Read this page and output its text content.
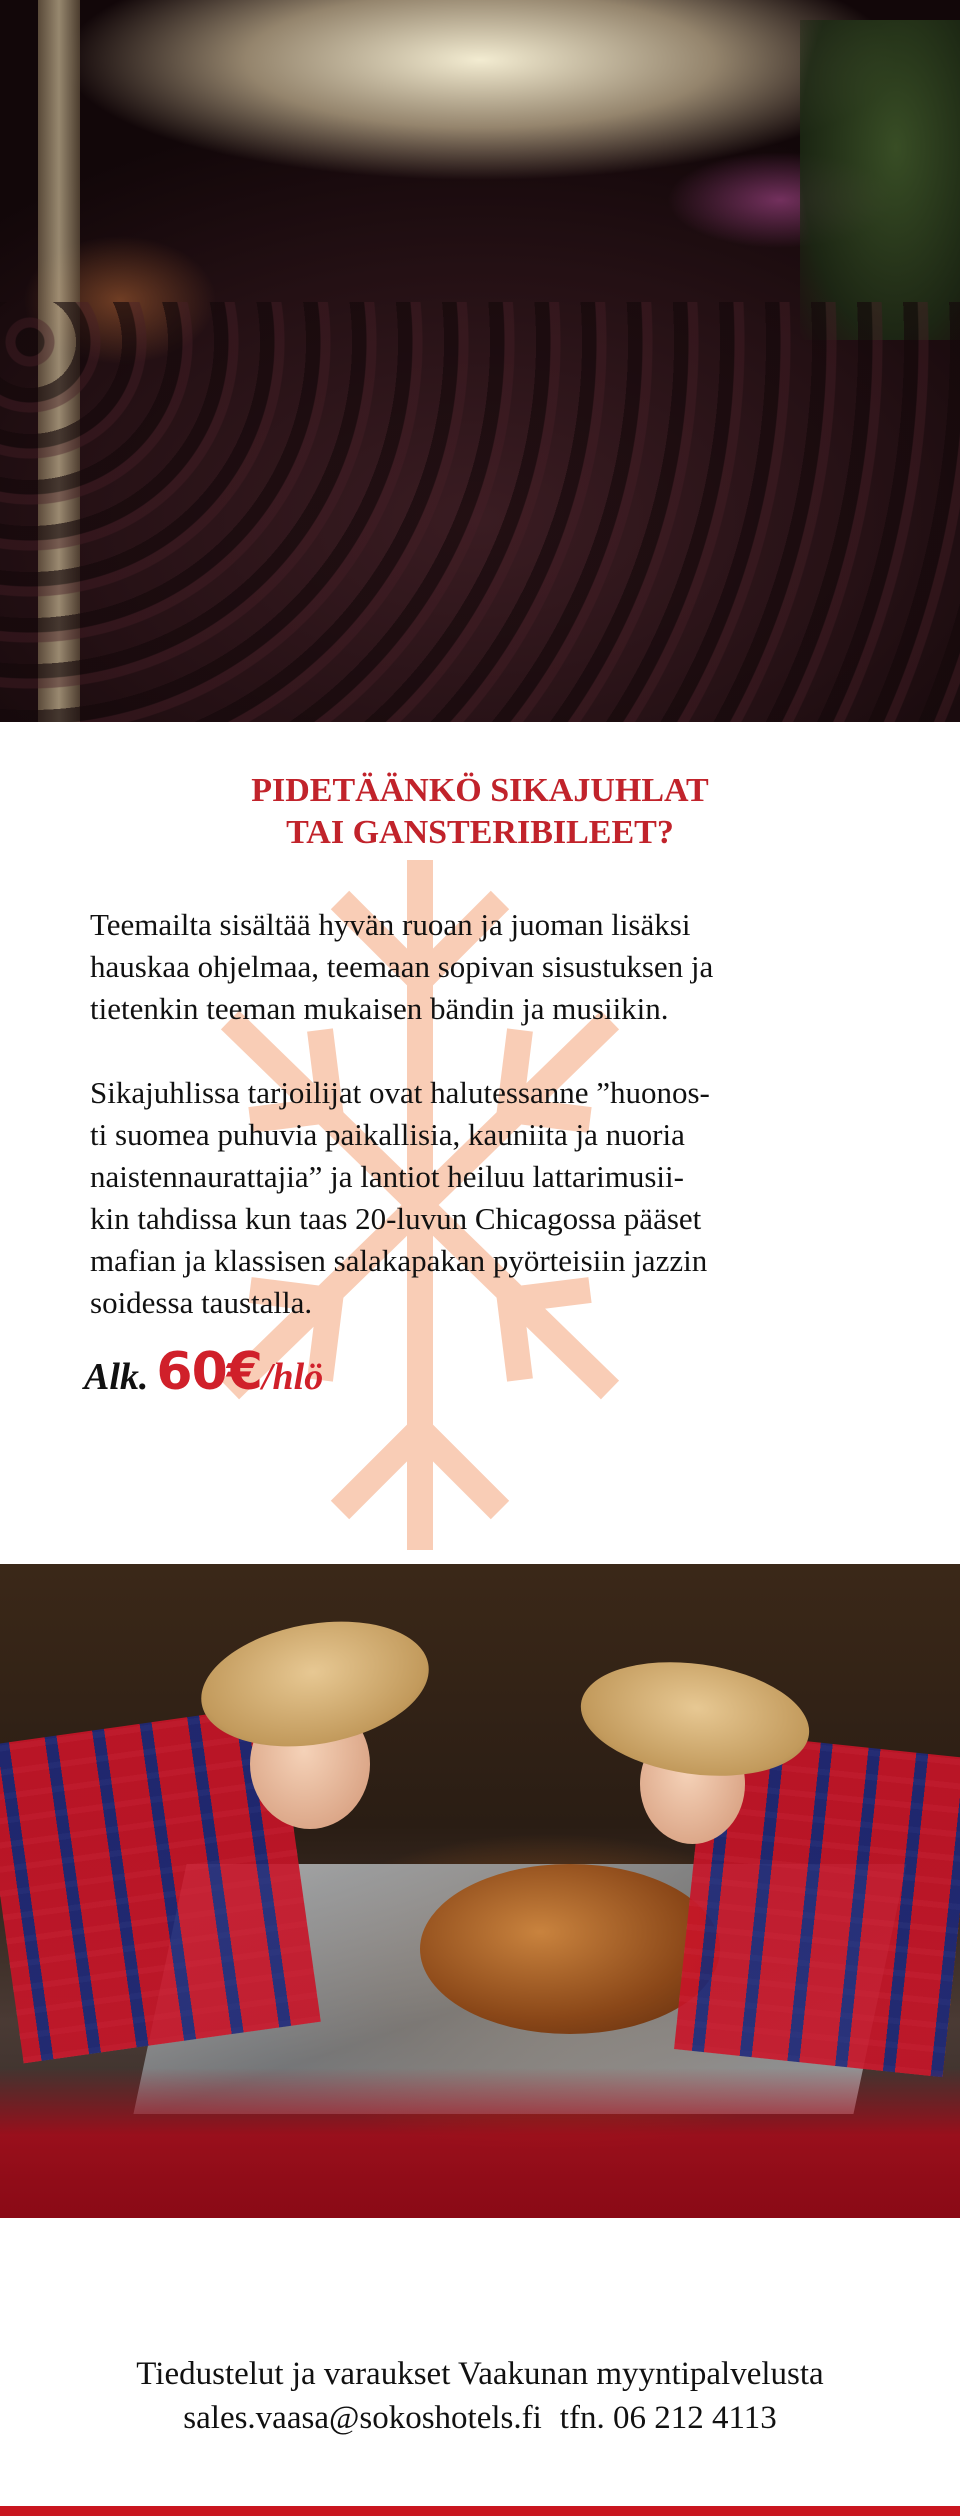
PIDETÄÄNKÖ SIKAJUHLAT
TAI GANSTERIBILEET?

Teemailta sisältää hyvän ruoan ja juoman lisäksi
hauskaa ohjelmaa, teemaan sopivan sisustuksen ja
tietenkin teeman mukaisen bändin ja musiikin.

Sikajuhlissa tarjoilijat ovat halutessanne ”huonos-
ti suomea puhuvia paikallisia, kauniita ja nuoria
naistennaurattajia” ja lantiot heiluu lattarimusii-
kin tahdissa kun taas 20-luvun Chicagossa pääset
mafian ja klassisen salakapakan pyörteisiin jazzin
soidessa taustalla.

Alk. 60€/hlö
Tiedustelut ja varaukset Vaakunan myyntipalvelusta
sales.vaasa@sokoshotels.fi tfn. 06 212 4113
